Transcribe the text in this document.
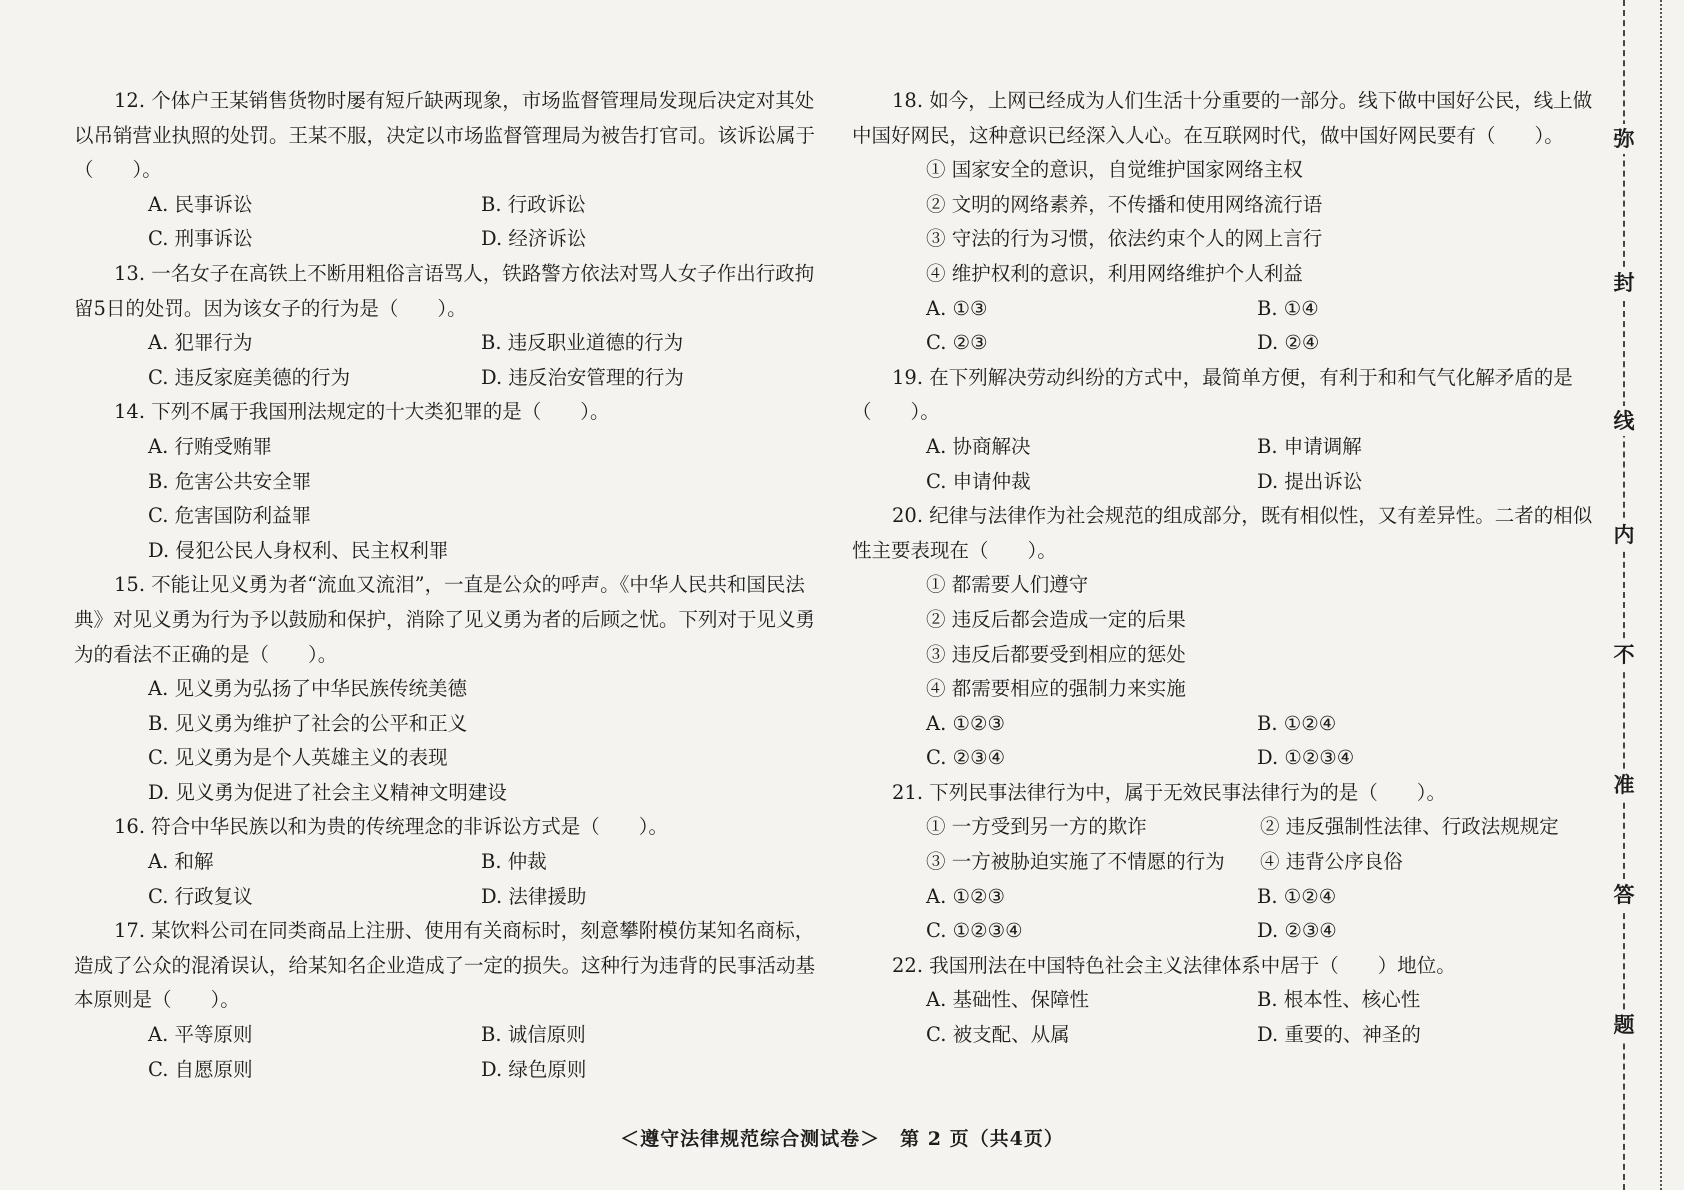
12. 个体户王某销售货物时屡有短斤缺两现象，市场监督管理局发现后决定对其处
以吊销营业执照的处罚。王某不服，决定以市场监督管理局为被告打官司。该诉讼属于
（　　）。
A. 民事诉讼	B. 行政诉讼
C. 刑事诉讼	D. 经济诉讼
13. 一名女子在高铁上不断用粗俗言语骂人，铁路警方依法对骂人女子作出行政拘
留5日的处罚。因为该女子的行为是（　　）。
A. 犯罪行为	B. 违反职业道德的行为
C. 违反家庭美德的行为	D. 违反治安管理的行为
14. 下列不属于我国刑法规定的十大类犯罪的是（　　）。
A. 行贿受贿罪
B. 危害公共安全罪
C. 危害国防利益罪
D. 侵犯公民人身权利、民主权利罪
15. 不能让见义勇为者“流血又流泪”，一直是公众的呼声。《中华人民共和国民法
典》对见义勇为行为予以鼓励和保护，消除了见义勇为者的后顾之忧。下列对于见义勇
为的看法不正确的是（　　）。
A. 见义勇为弘扬了中华民族传统美德
B. 见义勇为维护了社会的公平和正义
C. 见义勇为是个人英雄主义的表现
D. 见义勇为促进了社会主义精神文明建设
16. 符合中华民族以和为贵的传统理念的非诉讼方式是（　　）。
A. 和解	B. 仲裁
C. 行政复议	D. 法律援助
17. 某饮料公司在同类商品上注册、使用有关商标时，刻意攀附模仿某知名商标，
造成了公众的混淆误认，给某知名企业造成了一定的损失。这种行为违背的民事活动基
本原则是（　　）。
A. 平等原则	B. 诚信原则
C. 自愿原则	D. 绿色原则
18. 如今，上网已经成为人们生活十分重要的一部分。线下做中国好公民，线上做
中国好网民，这种意识已经深入人心。在互联网时代，做中国好网民要有（　　）。
① 国家安全的意识，自觉维护国家网络主权
② 文明的网络素养，不传播和使用网络流行语
③ 守法的行为习惯，依法约束个人的网上言行
④ 维护权利的意识，利用网络维护个人利益
A. ①③	B. ①④
C. ②③	D. ②④
19. 在下列解决劳动纠纷的方式中，最简单方便，有利于和和气气化解矛盾的是
（　　）。
A. 协商解决	B. 申请调解
C. 申请仲裁	D. 提出诉讼
20. 纪律与法律作为社会规范的组成部分，既有相似性，又有差异性。二者的相似
性主要表现在（　　）。
① 都需要人们遵守
② 违反后都会造成一定的后果
③ 违反后都要受到相应的惩处
④ 都需要相应的强制力来实施
A. ①②③	B. ①②④
C. ②③④	D. ①②③④
21. 下列民事法律行为中，属于无效民事法律行为的是（　　）。
① 一方受到另一方的欺诈	② 违反强制性法律、行政法规规定
③ 一方被胁迫实施了不情愿的行为	④ 违背公序良俗
A. ①②③	B. ①②④
C. ①②③④	D. ②③④
22. 我国刑法在中国特色社会主义法律体系中居于（　　）地位。
A. 基础性、保障性	B. 根本性、核心性
C. 被支配、从属	D. 重要的、神圣的
＜遵守法律规范综合测试卷＞　第 2 页（共4页）
弥
封
线
内
不
准
答
题
